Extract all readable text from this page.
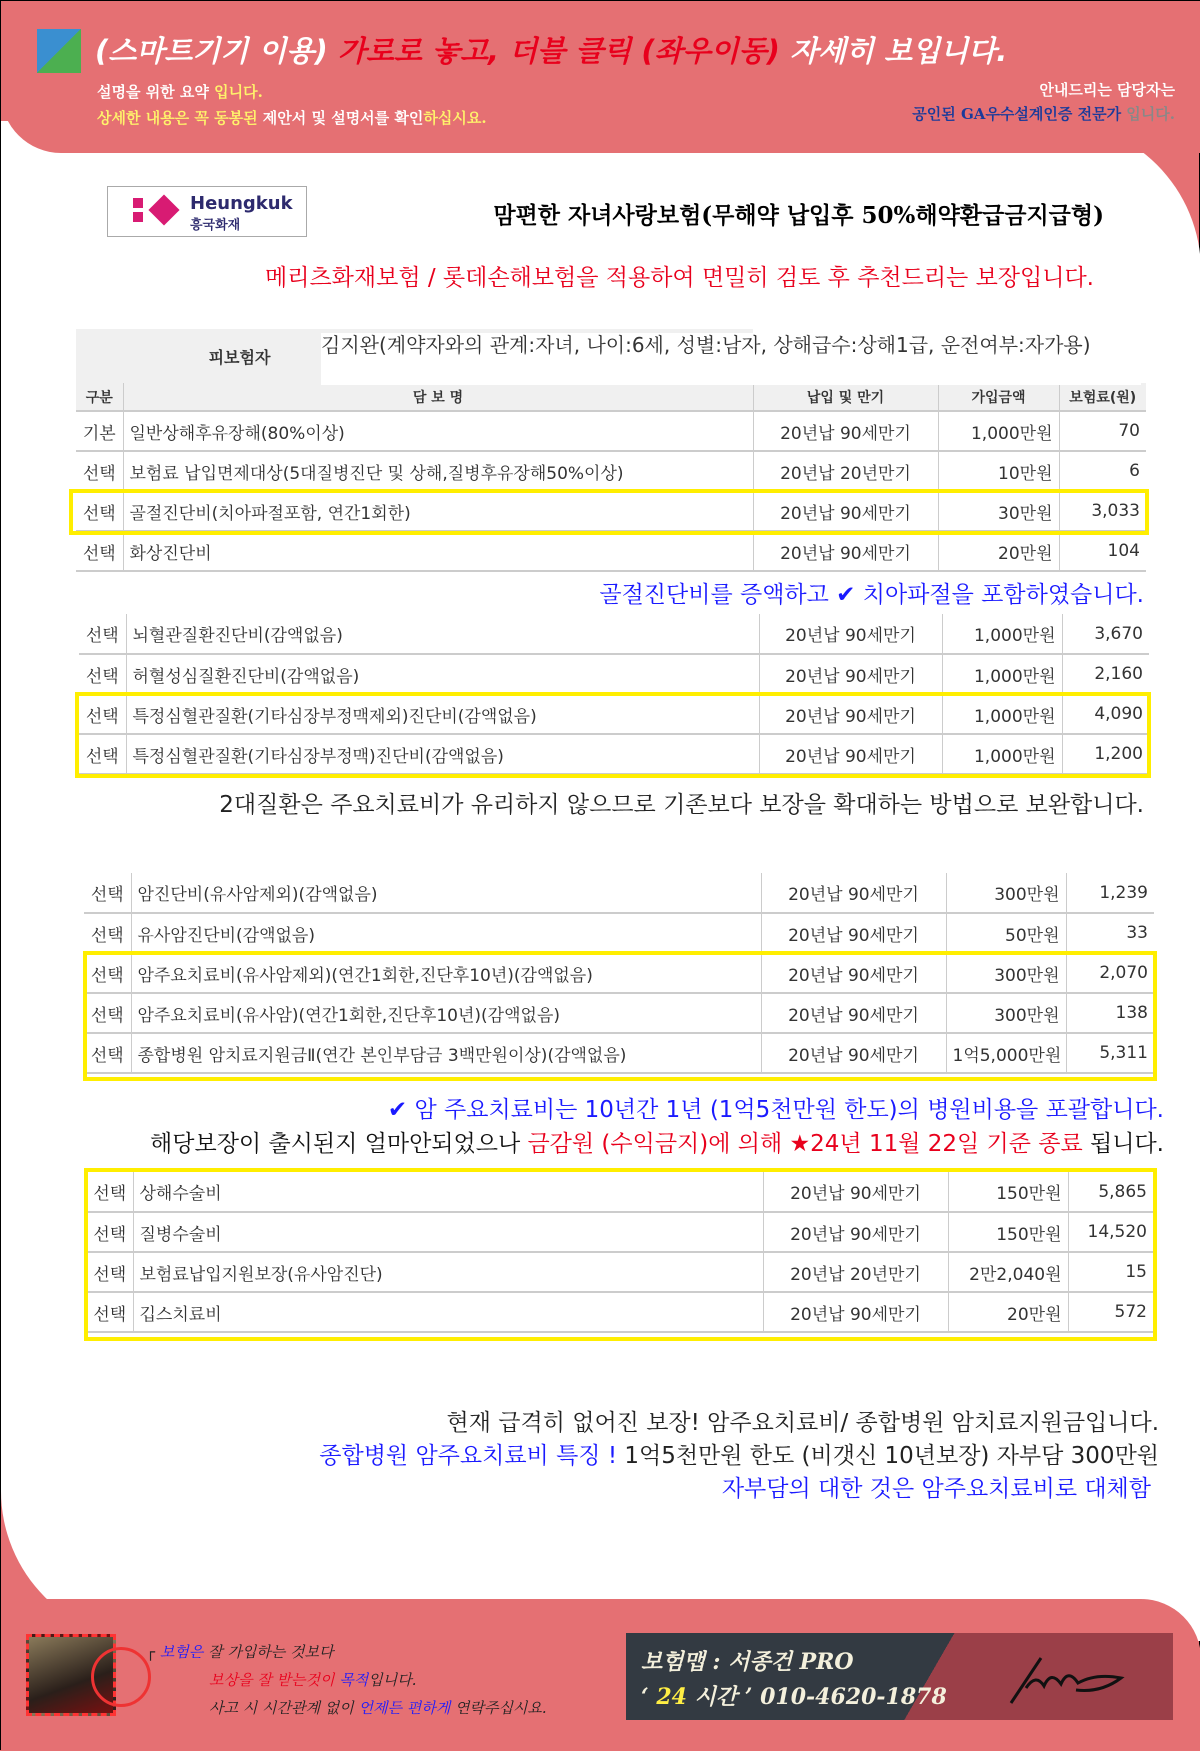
(스마트기기 이용) 가로로 놓고, 더블 클릭 (좌우이동) 자세히 보입니다.
설명을 위한 요약 입니다.
상세한 내용은 꼭 동봉된 제안서 및 설명서를 확인하십시요.
안내드리는 담당자는
공인된 GA우수설계인증 전문가 입니다.
Heungkuk
흥국화재	맘편한 자녀사랑보험(무해약 납입후 50%해약환급금지급형)
메리츠화재보험 / 롯데손해보험을 적용하여 면밀히 검토 후 추천드리는 보장입니다.
피보험자				
구분	담 보 명	납입 및 만기	가입금액	보험료(원)
기본	일반상해후유장해(80%이상)	20년납 90세만기	1,000만원	70
선택	보험료 납입면제대상(5대질병진단 및 상해,질병후유장해50%이상)	20년납 20년만기	10만원	6
선택	골절진단비(치아파절포함, 연간1회한)	20년납 90세만기	30만원	3,033
선택	화상진단비	20년납 90세만기	20만원	104
김지완(계약자와의 관계:자녀, 나이:6세, 성별:남자, 상해급수:상해1급, 운전여부:자가용)
골절진단비를 증액하고 ✔ 치아파절을 포함하였습니다.
선택	뇌혈관질환진단비(감액없음)	20년납 90세만기	1,000만원	3,670
선택	허혈성심질환진단비(감액없음)	20년납 90세만기	1,000만원	2,160
선택	특정심혈관질환(기타심장부정맥제외)진단비(감액없음)	20년납 90세만기	1,000만원	4,090
선택	특정심혈관질환(기타심장부정맥)진단비(감액없음)	20년납 90세만기	1,000만원	1,200
2대질환은 주요치료비가 유리하지 않으므로 기존보다 보장을 확대하는 방법으로 보완합니다.
선택	암진단비(유사암제외)(감액없음)	20년납 90세만기	300만원	1,239
선택	유사암진단비(감액없음)	20년납 90세만기	50만원	33
선택	암주요치료비(유사암제외)(연간1회한,진단후10년)(감액없음)	20년납 90세만기	300만원	2,070
선택	암주요치료비(유사암)(연간1회한,진단후10년)(감액없음)	20년납 90세만기	300만원	138
선택	종합병원 암치료지원금Ⅱ(연간 본인부담금 3백만원이상)(감액없음)	20년납 90세만기	1억5,000만원	5,311
✔ 암 주요치료비는 10년간 1년 (1억5천만원 한도)의 병원비용을 포괄합니다.
해당보장이 출시된지 얼마안되었으나 금감원 (수익금지)에 의해 ★24년 11월 22일 기준 종료 됩니다.
선택	상해수술비	20년납 90세만기	150만원	5,865
선택	질병수술비	20년납 90세만기	150만원	14,520
선택	보험료납입지원보장(유사암진단)	20년납 20년만기	2만2,040원	15
선택	깁스치료비	20년납 90세만기	20만원	572
현재 급격히 없어진 보장! 암주요치료비/ 종합병원 암치료지원금입니다.
종합병원 암주요치료비 특징 ! 1억5천만원 한도 (비갯신 10년보장) 자부담 300만원
자부담의 대한 것은 암주요치료비로 대체함
┌ 보험은 잘 가입하는 것보다
보상을 잘 받는것이 목적입니다.
사고 시 시간관계 없이 언제든 편하게 연락주십시요.
보험맵 : 서종건 PRO
‘ 24 시간 ’ 010-4620-1878
